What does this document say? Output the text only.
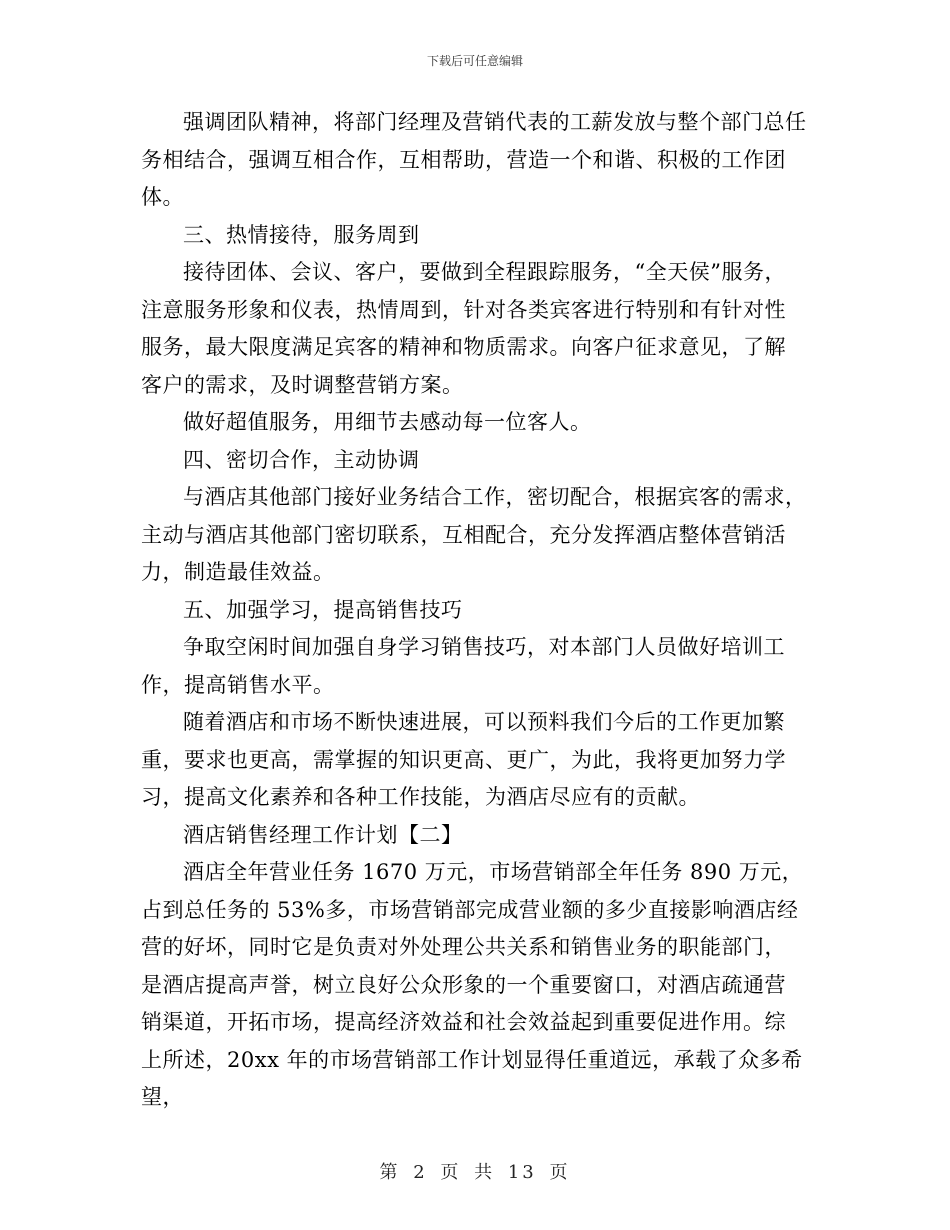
下载后可任意编辑

强调团队精神，将部门经理及营销代表的工薪发放与整个部门总任务相结合，强调互相合作，互相帮助，营造一个和谐、积极的工作团体。

三、热情接待，服务周到

接待团体、会议、客户，要做到全程跟踪服务，“全天侯”服务，注意服务形象和仪表，热情周到，针对各类宾客进行特别和有针对性服务，最大限度满足宾客的精神和物质需求。向客户征求意见，了解客户的需求，及时调整营销方案。

做好超值服务，用细节去感动每一位客人。

四、密切合作，主动协调

与酒店其他部门接好业务结合工作，密切配合，根据宾客的需求，主动与酒店其他部门密切联系，互相配合，充分发挥酒店整体营销活力，制造最佳效益。

五、加强学习，提高销售技巧

争取空闲时间加强自身学习销售技巧，对本部门人员做好培训工作，提高销售水平。

随着酒店和市场不断快速进展，可以预料我们今后的工作更加繁重，要求也更高，需掌握的知识更高、更广，为此，我将更加努力学习，提高文化素养和各种工作技能，为酒店尽应有的贡献。

酒店销售经理工作计划【二】

酒店全年营业任务 1670 万元，市场营销部全年任务 890 万元，占到总任务的 53%多，市场营销部完成营业额的多少直接影响酒店经营的好坏，同时它是负责对外处理公共关系和销售业务的职能部门，是酒店提高声誉，树立良好公众形象的一个重要窗口，对酒店疏通营销渠道，开拓市场，提高经济效益和社会效益起到重要促进作用。综上所述，20xx 年的市场营销部工作计划显得任重道远，承载了众多希望，

第 2 页 共 13 页
